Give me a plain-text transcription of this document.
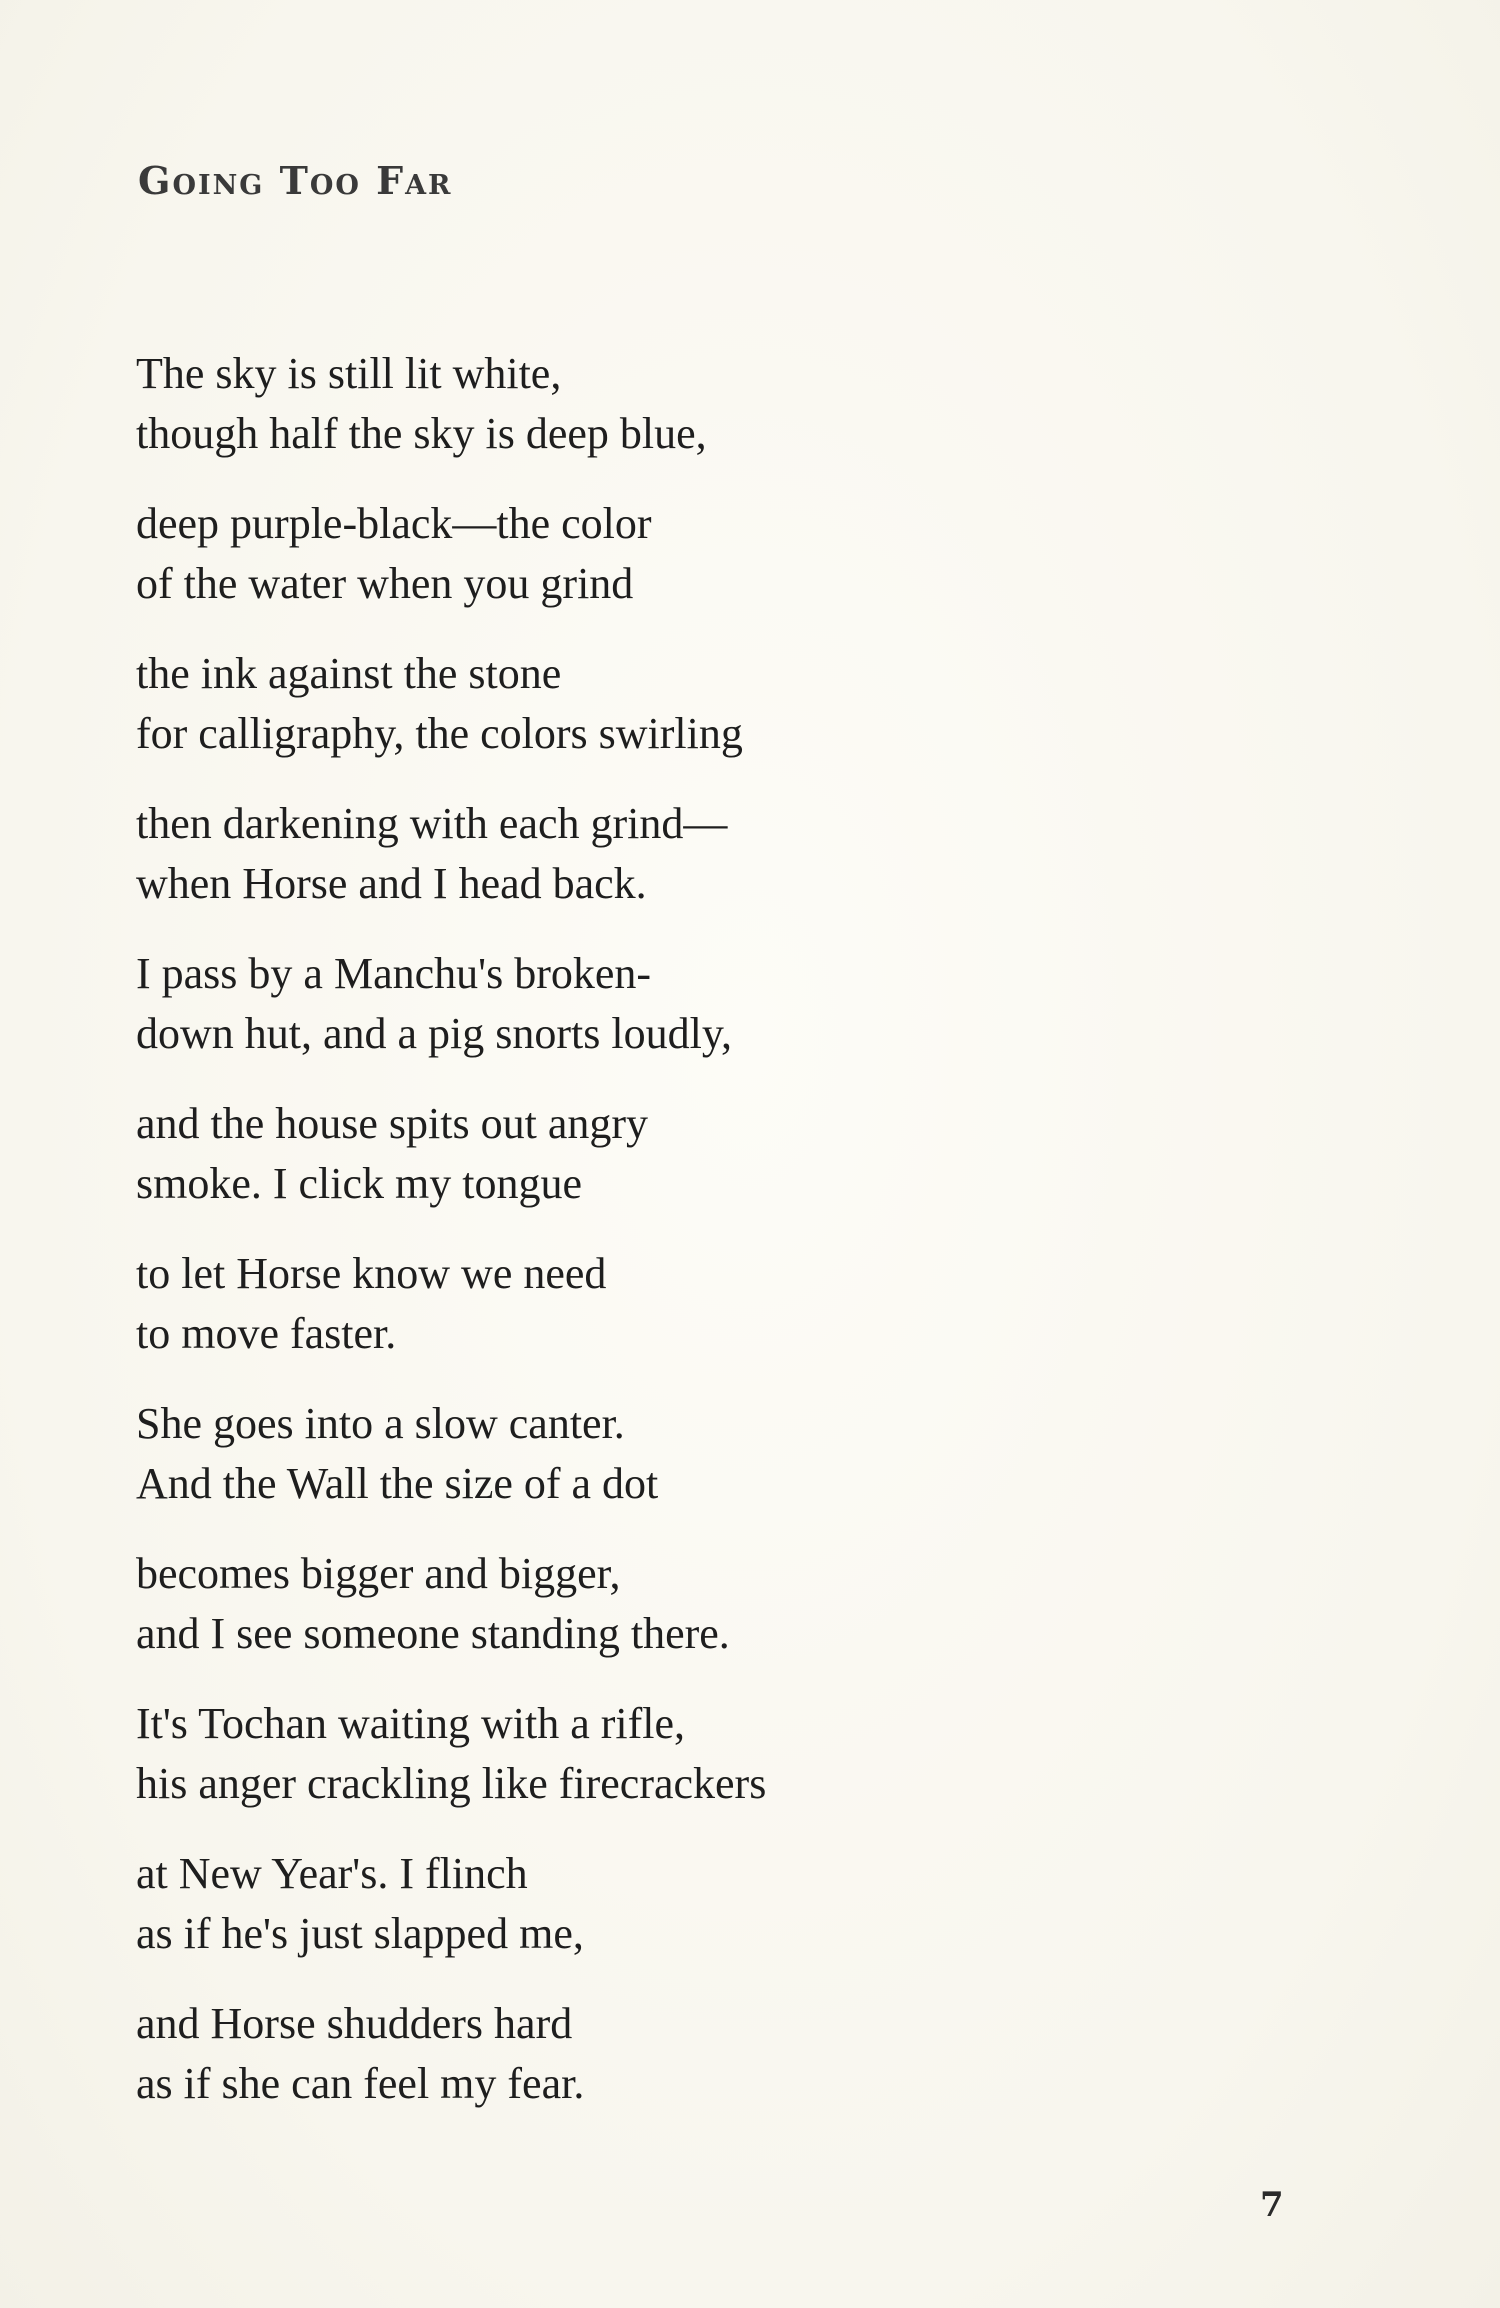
Going Too Far
The sky is still lit white,
though half the sky is deep blue,
deep purple-black—the color
of the water when you grind
the ink against the stone
for calligraphy, the colors swirling
then darkening with each grind—
when Horse and I head back.
I pass by a Manchu's broken-
down hut, and a pig snorts loudly,
and the house spits out angry
smoke. I click my tongue
to let Horse know we need
to move faster.
She goes into a slow canter.
And the Wall the size of a dot
becomes bigger and bigger,
and I see someone standing there.
It's Tochan waiting with a rifle,
his anger crackling like firecrackers
at New Year's. I flinch
as if he's just slapped me,
and Horse shudders hard
as if she can feel my fear.
7
